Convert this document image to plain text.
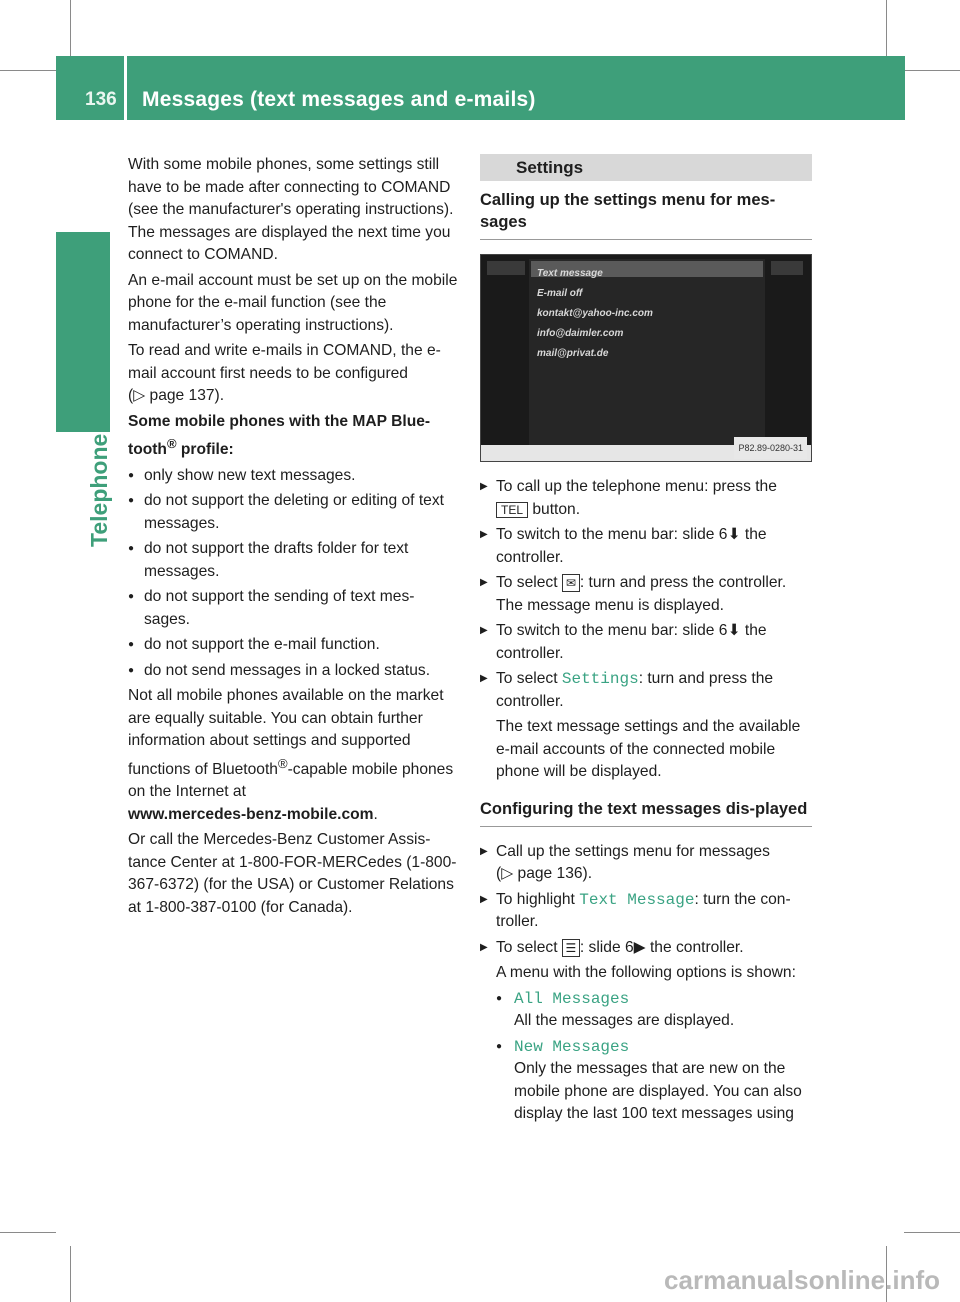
136 Messages (text messages and e-mails)
Telephone

With some mobile phones, some settings still have to be made after connecting to COMAND (see the manufacturer's operating instructions). The messages are displayed the next time you connect to COMAND.

An e-mail account must be set up on the mobile phone for the e-mail function (see the manufacturer’s operating instructions).

To read and write e-mails in COMAND, the e-mail account first needs to be configured
(▷ page 137).

Some mobile phones with the MAP Blue-
tooth® profile:

● only show new text messages.
● do not support the deleting or editing of text messages.
● do not support the drafts folder for text messages.
● do not support the sending of text mes-sages.
● do not support the e-mail function.
● do not send messages in a locked status.

Not all mobile phones available on the market are equally suitable. You can obtain further information about settings and supported functions of Bluetooth®-capable mobile phones on the Internet at
www.mercedes-benz-mobile.com.

Or call the Mercedes-Benz Customer Assis-tance Center at 1-800-FOR-MERCedes (1-800-367-6372) (for the USA) or Customer Relations at 1-800-387-0100 (for Canada).

Settings
Calling up the settings menu for mes-sages
Text message
E-mail off
kontakt@yahoo-inc.com
info@daimler.com
mail@privat.de
P82.89-0280-31
▶ To call up the telephone menu: press the
TEL button.
▶ To switch to the menu bar: slide 6⬇ the controller.
▶ To select ✉ : turn and press the controller. The message menu is displayed.
▶ To switch to the menu bar: slide 6⬇ the controller.
▶ To select Settings: turn and press the controller.

The text message settings and the available e-mail accounts of the connected mobile phone will be displayed.

Configuring the text messages dis-played
▶ Call up the settings menu for messages
(▷ page 136).
▶ To highlight Text Message: turn the con-troller.
▶ To select ☰ : slide 6▶ the controller.

A menu with the following options is shown:

● All Messages

All the messages are displayed.

● New Messages

Only the messages that are new on the mobile phone are displayed. You can also display the last 100 text messages using

carmanualsonline.info
